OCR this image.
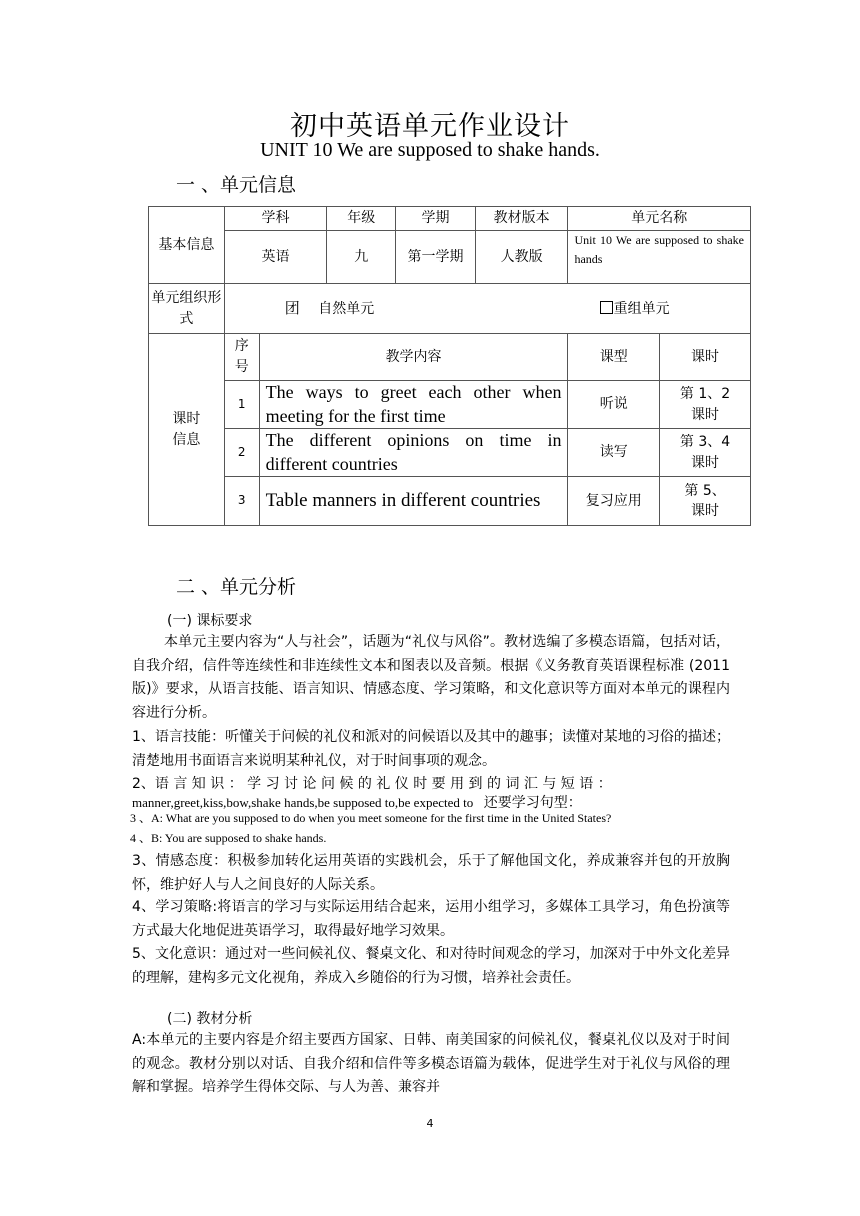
初中英语单元作业设计
UNIT 10 We are supposed to shake hands.
一 、单元信息
基本信息	学科		年级	学期	教材版本	单元名称	
	英语		九	第一学期	人教版	Unit 10 We are supposed to shake hands	
单元组织形式	团 自然单元 重组单元						
课时信息	序号	教学内容				课型	课时
	1	The ways to greet each other when meeting for the first time				听说	第 1、2 课时
	2	The different opinions on time in different countries				读写	第 3、4 课时
	3	Table manners in different countries				复习应用	第 5、课时
二 、单元分析
(一) 课标要求
本单元主要内容为“人与社会”，话题为“礼仪与风俗”。教材选编了多模态语篇，包括对话，自我介绍，信件等连续性和非连续性文本和图表以及音频。根据《义务教育英语课程标准 (2011版)》要求，从语言技能、语言知识、情感态度、学习策略，和文化意识等方面对本单元的课程内容进行分析。
1、语言技能：听懂关于问候的礼仪和派对的问候语以及其中的趣事；读懂对某地的习俗的描述；清楚地用书面语言来说明某种礼仪，对于时间事项的观念。
2、语 言 知 识 ： 学 习 讨 论 问 候 的 礼 仪 时 要 用 到 的 词 汇 与 短 语 ：
manner,greet,kiss,bow,shake hands,be supposed to,be expected to 还要学习句型：
3 、A: What are you supposed to do when you meet someone for the first time in the United States?
4 、B: You are supposed to shake hands.
3、情感态度：积极参加转化运用英语的实践机会，乐于了解他国文化，养成兼容并包的开放胸怀，维护好人与人之间良好的人际关系。
4、学习策略:将语言的学习与实际运用结合起来，运用小组学习，多媒体工具学习，角色扮演等方式最大化地促进英语学习，取得最好地学习效果。
5、文化意识：通过对一些问候礼仪、餐桌文化、和对待时间观念的学习，加深对于中外文化差异的理解，建构多元文化视角，养成入乡随俗的行为习惯，培养社会责任。
(二) 教材分析
A:本单元的主要内容是介绍主要西方国家、日韩、南美国家的问候礼仪，餐桌礼仪以及对于时间的观念。教材分别以对话、自我介绍和信件等多模态语篇为载体，促进学生对于礼仪与风俗的理解和掌握。培养学生得体交际、与人为善、兼容并
4
